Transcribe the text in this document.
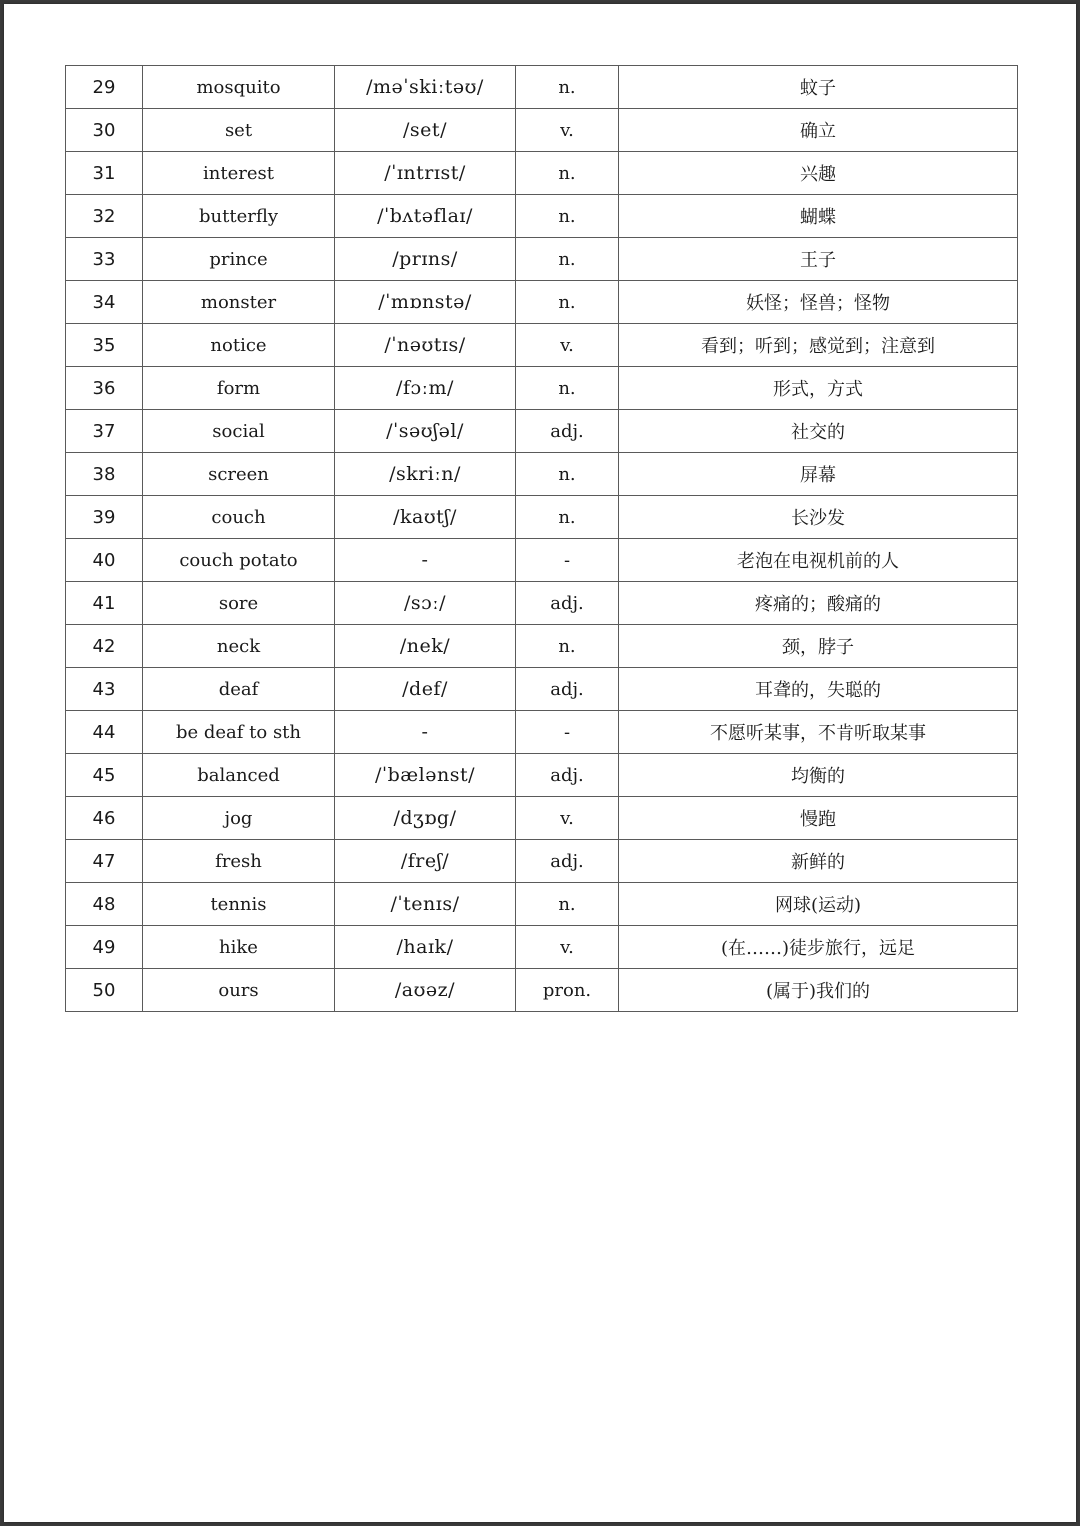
29	mosquito	/məˈskiːtəʊ/	n.	蚊子
30	set	/set/	v.	确立
31	interest	/ˈɪntrɪst/	n.	兴趣
32	butterfly	/ˈbʌtəflaɪ/	n.	蝴蝶
33	prince	/prɪns/	n.	王子
34	monster	/ˈmɒnstə/	n.	妖怪；怪兽；怪物
35	notice	/ˈnəʊtɪs/	v.	看到；听到；感觉到；注意到
36	form	/fɔːm/	n.	形式，方式
37	social	/ˈsəʊʃəl/	adj.	社交的
38	screen	/skriːn/	n.	屏幕
39	couch	/kaʊtʃ/	n.	长沙发
40	couch potato	-	-	老泡在电视机前的人
41	sore	/sɔː/	adj.	疼痛的；酸痛的
42	neck	/nek/	n.	颈，脖子
43	deaf	/def/	adj.	耳聋的，失聪的
44	be deaf to sth	-	-	不愿听某事，不肯听取某事
45	balanced	/ˈbælənst/	adj.	均衡的
46	jog	/dʒɒg/	v.	慢跑
47	fresh	/freʃ/	adj.	新鲜的
48	tennis	/ˈtenɪs/	n.	网球(运动)
49	hike	/haɪk/	v.	(在……)徒步旅行，远足
50	ours	/aʊəz/	pron.	(属于)我们的
